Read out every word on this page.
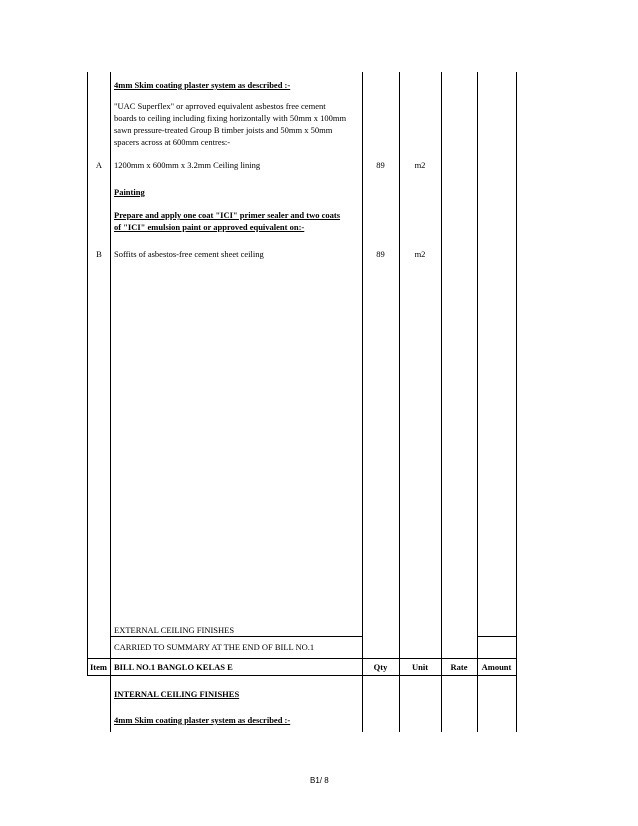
4mm Skim coating plaster system as described :-
"UAC Superflex" or aprroved equivalent asbestos free cement
boards to ceiling including fixing horizontally with 50mm x 100mm
sawn pressure-treated Group B timber joists and 50mm x 50mm
spacers across at 600mm centres:-
A	1200mm x 600mm x 3.2mm Ceiling lining	89	m2
Painting
Prepare and apply one coat "ICI" primer sealer and two coats
of "ICI" emulsion paint or approved equivalent on:-
B	Soffits of asbestos-free cement sheet ceiling	89	m2
EXTERNAL CEILING FINISHES
CARRIED TO SUMMARY AT THE END OF BILL NO.1
Item BILL NO.1 BANGLO KELAS E	Qty	Unit	Rate	Amount
INTERNAL CEILING FINISHES
4mm Skim coating plaster system as described :-
B1/ 8
